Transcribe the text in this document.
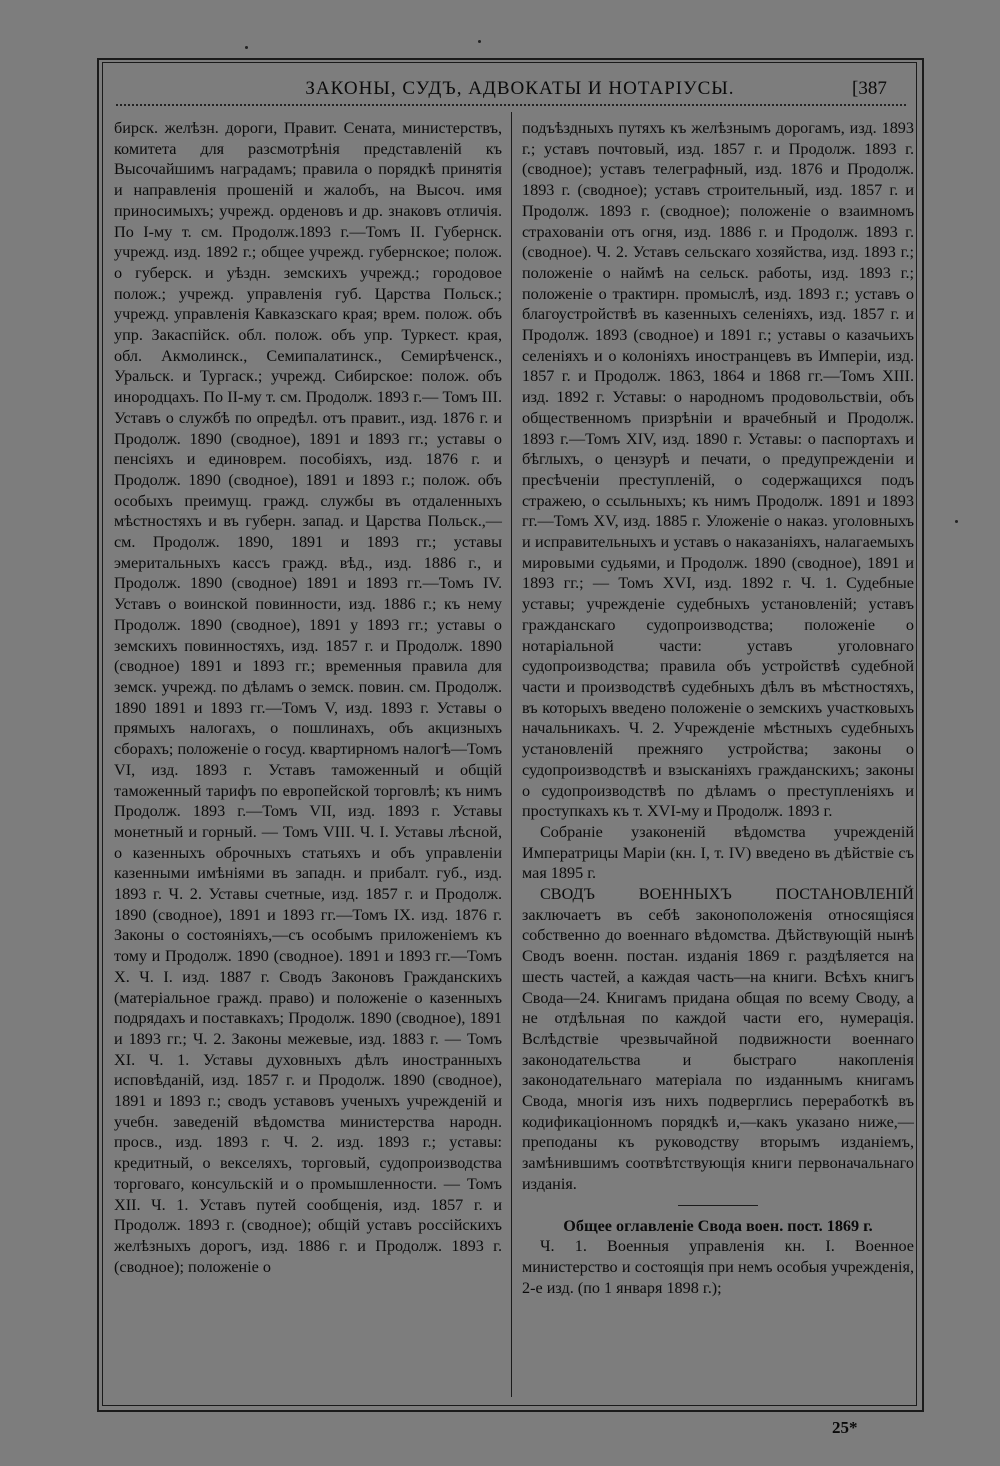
ЗАКОНЫ, СУДЪ, АДВОКАТЫ И НОТАРІУСЫ.	[387

бирск. желѣзн. дороги, Правит. Сената, министерствъ, комитета для разсмотрѣнія представленій къ Высочайшимъ наградамъ; правила о порядкѣ принятія и направленія прошеній и жалобъ, на Высоч. имя приносимыхъ; учрежд. орденовъ и др. знаковъ отличія. По I-му т. см. Продолж.1893 г.—Томъ II. Губернск. учрежд. изд. 1892 г.; общее учрежд. губернское; полож. о губерск. и уѣздн. земскихъ учрежд.; городовое полож.; учрежд. управленія губ. Царства Польск.; учрежд. управленія Кавказскаго края; врем. полож. объ упр. Закаспійск. обл. полож. объ упр. Туркест. края, обл. Акмолинск., Семипалатинск., Семирѣченск., Уральск. и Тургаск.; учрежд. Сибирское: полож. объ инородцахъ. По II-му т. см. Продолж. 1893 г.— Томъ III. Уставъ о службѣ по опредѣл. отъ правит., изд. 1876 г. и Продолж. 1890 (сводное), 1891 и 1893 гг.; уставы о пенсіяхъ и единоврем. пособіяхъ, изд. 1876 г. и Продолж. 1890 (сводное), 1891 и 1893 г.; полож. объ особыхъ преимущ. гражд. службы въ отдаленныхъ мѣстностяхъ и въ губерн. запад. и Царства Польск.,—см. Продолж. 1890, 1891 и 1893 гг.; уставы эмеритальныхъ кассъ гражд. вѣд., изд. 1886 г., и Продолж. 1890 (сводное) 1891 и 1893 гг.—Томъ IV. Уставъ о воинской повинности, изд. 1886 г.; къ нему Продолж. 1890 (сводное), 1891 у 1893 гг.; уставы о земскихъ повинностяхъ, изд. 1857 г. и Продолж. 1890 (сводное) 1891 и 1893 гг.; временныя правила для земск. учрежд. по дѣламъ о земск. повин. см. Продолж. 1890 1891 и 1893 гг.—Томъ V, изд. 1893 г. Уставы о прямыхъ налогахъ, о пошлинахъ, объ акцизныхъ сборахъ; положеніе о госуд. квартирномъ налогѣ—Томъ VI, изд. 1893 г. Уставъ таможенный и общій таможенный тарифъ по европейской торговлѣ; къ нимъ Продолж. 1893 г.—Томъ VII, изд. 1893 г. Уставы монетный и горный. — Томъ VIII. Ч. I. Уставы лѣсной, о казенныхъ оброчныхъ статьяхъ и объ управленіи казенными имѣніями въ западн. и прибалт. губ., изд. 1893 г. Ч. 2. Уставы счетные, изд. 1857 г. и Продолж. 1890 (сводное), 1891 и 1893 гг.—Томъ IX. изд. 1876 г. Законы о состояніяхъ,—съ особымъ приложеніемъ къ тому и Продолж. 1890 (сводное). 1891 и 1893 гг.—Томъ X. Ч. I. изд. 1887 г. Сводъ Законовъ Гражданскихъ (матеріальное гражд. право) и положеніе о казенныхъ подрядахъ и поставкахъ; Продолж. 1890 (сводное), 1891 и 1893 гг.; Ч. 2. Законы межевые, изд. 1883 г. — Томъ XI. Ч. 1. Уставы духовныхъ дѣлъ иностранныхъ исповѣданій, изд. 1857 г. и Продолж. 1890 (сводное), 1891 и 1893 г.; сводъ уставовъ ученыхъ учрежденій и учебн. заведеній вѣдомства министерства народн. просв., изд. 1893 г. Ч. 2. изд. 1893 г.; уставы: кредитный, о векселяхъ, торговый, судопроизводства торговаго, консульскій и о промышленности. — Томъ XII. Ч. 1. Уставъ путей сообщенія, изд. 1857 г. и Продолж. 1893 г. (сводное); общій уставъ россійскихъ желѣзныхъ дорогъ, изд. 1886 г. и Продолж. 1893 г. (сводное); положеніе о

подъѣздныхъ путяхъ къ желѣзнымъ дорогамъ, изд. 1893 г.; уставъ почтовый, изд. 1857 г. и Продолж. 1893 г. (сводное); уставъ телеграфный, изд. 1876 и Продолж. 1893 г. (сводное); уставъ строительный, изд. 1857 г. и Продолж. 1893 г. (сводное); положеніе о взаимномъ страхованіи отъ огня, изд. 1886 г. и Продолж. 1893 г. (сводное). Ч. 2. Уставъ сельскаго хозяйства, изд. 1893 г.; положеніе о наймѣ на сельск. работы, изд. 1893 г.; положеніе о трактирн. промыслѣ, изд. 1893 г.; уставъ о благоустройствѣ въ казенныхъ селеніяхъ, изд. 1857 г. и Продолж. 1893 (сводное) и 1891 г.; уставы о казачьихъ селеніяхъ и о колоніяхъ иностранцевъ въ Имперіи, изд. 1857 г. и Продолж. 1863, 1864 и 1868 гг.—Томъ XIII. изд. 1892 г. Уставы: о народномъ продовольствіи, объ общественномъ призрѣніи и врачебный и Продолж. 1893 г.—Томъ XIV, изд. 1890 г. Уставы: о паспортахъ и бѣглыхъ, о цензурѣ и печати, о предупрежденіи и пресѣченіи преступленій, о содержащихся подъ стражею, о ссыльныхъ; къ нимъ Продолж. 1891 и 1893 гг.—Томъ XV, изд. 1885 г. Уложеніе о наказ. уголовныхъ и исправительныхъ и уставъ о наказаніяхъ, налагаемыхъ мировыми судьями, и Продолж. 1890 (сводное), 1891 и 1893 гг.; — Томъ XVI, изд. 1892 г. Ч. 1. Судебные уставы; учрежденіе судебныхъ установленій; уставъ гражданскаго судопроизводства; положеніе о нотаріальной части: уставъ уголовнаго судопроизводства; правила объ устройствѣ судебной части и производствѣ судебныхъ дѣлъ въ мѣстностяхъ, въ которыхъ введено положеніе о земскихъ участковыхъ начальникахъ. Ч. 2. Учрежденіе мѣстныхъ судебныхъ установленій прежняго устройства; законы о судопроизводствѣ и взысканіяхъ гражданскихъ; законы о судопроизводствѣ по дѣламъ о преступленіяхъ и проступкахъ къ т. XVI-му и Продолж. 1893 г.

Собраніе узаконеній вѣдомства учрежденій Императрицы Маріи (кн. I, т. IV) введено въ дѣйствіе съ мая 1895 г.

СВОДЪ ВОЕННЫХЪ ПОСТАНОВЛЕНІЙ заключаетъ въ себѣ законоположенія относящіяся собственно до военнаго вѣдомства. Дѣйствующій нынѣ Сводъ военн. постан. изданія 1869 г. раздѣляется на шесть частей, а каждая часть—на книги. Всѣхъ книгъ Свода—24. Книгамъ придана общая по всему Своду, а не отдѣльная по каждой части его, нумерація. Вслѣдствіе чрезвычайной подвижности военнаго законодательства и быстраго накопленія законодательнаго матеріала по изданнымъ книгамъ Свода, многія изъ нихъ подверглись переработкѣ въ кодификаціонномъ порядкѣ и,—какъ указано ниже,—преподаны къ руководству вторымъ изданіемъ, замѣнившимъ соотвѣтствующія книги первоначальнаго изданія.

Общее оглавленіе Свода воен. пост. 1869 г.

Ч. 1. Военныя управленія кн. I. Военное министерство и состоящія при немъ особыя учрежденія, 2-е изд. (по 1 января 1898 г.);

25*
